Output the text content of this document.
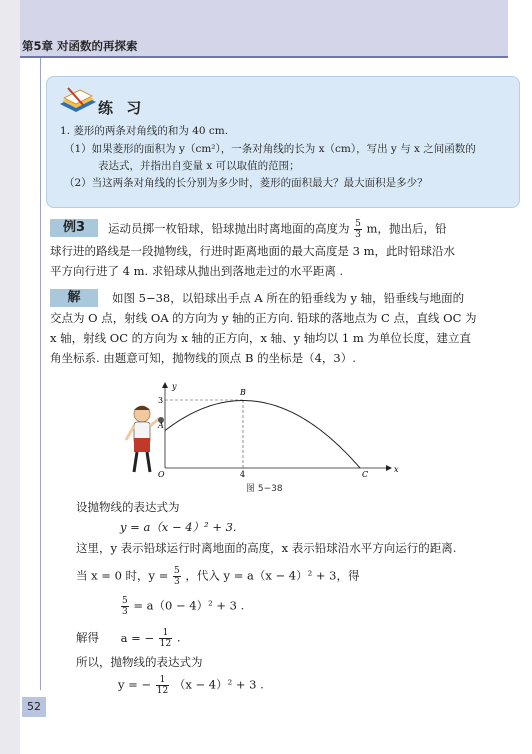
第5章 对函数的再探索
练 习
1. 菱形的两条对角线的和为 40 cm.
（1）如果菱形的面积为 y（cm²），一条对角线的长为 x（cm），写出 y 与 x 之间函数的
表达式，并指出自变量 x 可以取值的范围；
（2）当这两条对角线的长分别为多少时，菱形的面积最大？最大面积是多少？
例3	运动员掷一枚铅球，铅球抛出时离地面的高度为 $\frac{5}{3}$ m，抛出后，铅
球行进的路线是一段抛物线，行进时距离地面的最大高度是 3 m，此时铅球沿水
平方向行进了 4 m. 求铅球从抛出到落地走过的水平距离 .
解	如图 5−38，以铅球出手点 A 所在的铅垂线为 y 轴，铅垂线与地面的
交点为 O 点，射线 OA 的方向为 y 轴的正方向. 铅球的落地点为 C 点，直线 OC 为
x 轴，射线 OC 的方向为 x 轴的正方向，x 轴、y 轴均以 1 m 为单位长度，建立直
角坐标系. 由题意可知，抛物线的顶点 B 的坐标是（4，3）.
y
x
O
A
B
C
3
4
图 5−38
设抛物线的表达式为
y = a（x − 4）² + 3.
这里，y 表示铅球运行时离地面的高度，x 表示铅球沿水平方向运行的距离.
当 x = 0 时，$y = \frac{5}{3}$ ，代入 y = a（x − 4）² + 3，得
$\frac{5}{3} = a(0 - 4)^2 + 3$ .
解得 a = − $\frac{1}{12}$ .
所以，抛物线的表达式为
y = − $\frac{1}{12} (x - 4)^2 + 3$ .
52
